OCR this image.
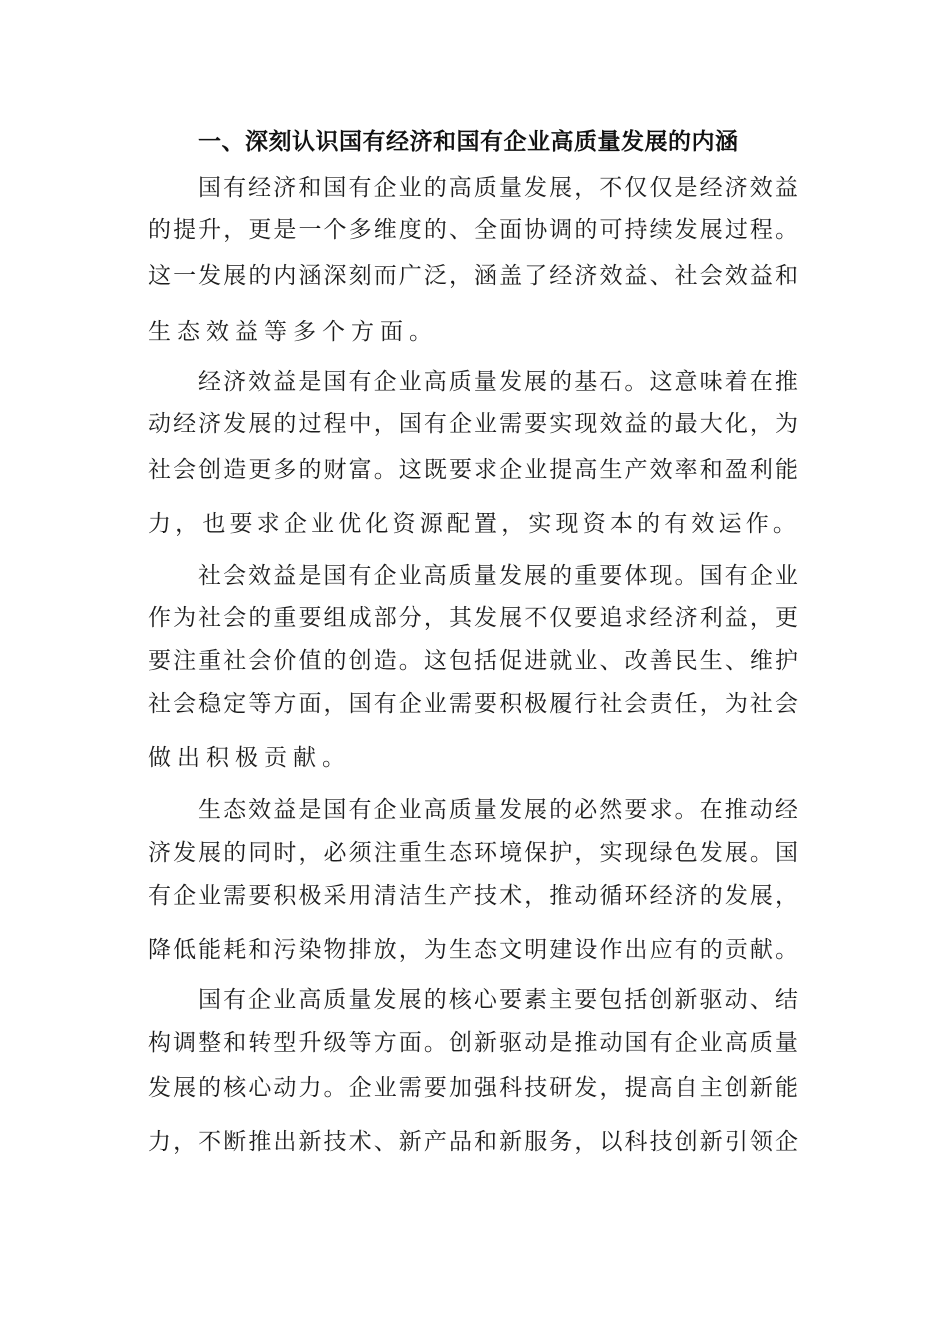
一、深刻认识国有经济和国有企业高质量发展的内涵
国有经济和国有企业的高质量发展，不仅仅是经济效益
的提升，更是一个多维度的、全面协调的可持续发展过程。
这一发展的内涵深刻而广泛，涵盖了经济效益、社会效益和
生态效益等多个方面。
经济效益是国有企业高质量发展的基石。这意味着在推
动经济发展的过程中，国有企业需要实现效益的最大化，为
社会创造更多的财富。这既要求企业提高生产效率和盈利能
力，也要求企业优化资源配置，实现资本的有效运作。
社会效益是国有企业高质量发展的重要体现。国有企业
作为社会的重要组成部分，其发展不仅要追求经济利益，更
要注重社会价值的创造。这包括促进就业、改善民生、维护
社会稳定等方面，国有企业需要积极履行社会责任，为社会
做出积极贡献。
生态效益是国有企业高质量发展的必然要求。在推动经
济发展的同时，必须注重生态环境保护，实现绿色发展。国
有企业需要积极采用清洁生产技术，推动循环经济的发展，
降低能耗和污染物排放，为生态文明建设作出应有的贡献。
国有企业高质量发展的核心要素主要包括创新驱动、结
构调整和转型升级等方面。创新驱动是推动国有企业高质量
发展的核心动力。企业需要加强科技研发，提高自主创新能
力，不断推出新技术、新产品和新服务，以科技创新引领企
